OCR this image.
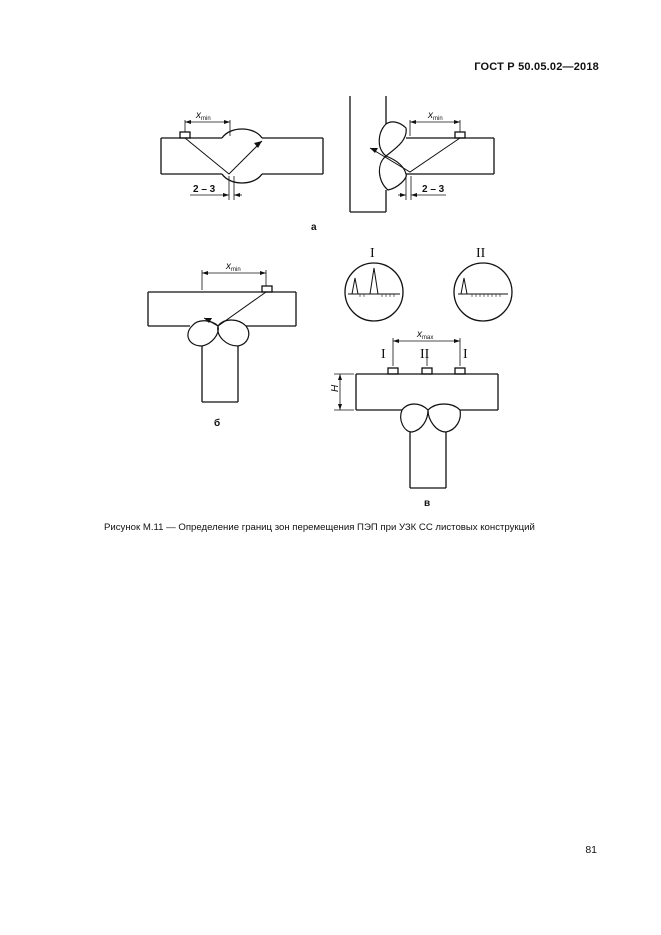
ГОСТ Р 50.05.02—2018
$x_{min}$
2 – 3
$x_{min}$
2 – 3
а
$x_{min}$
б
I	II
$x_{max}$
I II I
H
в
Рисунок М.11 — Определение границ зон перемещения ПЭП при УЗК СС листовых конструкций
81
